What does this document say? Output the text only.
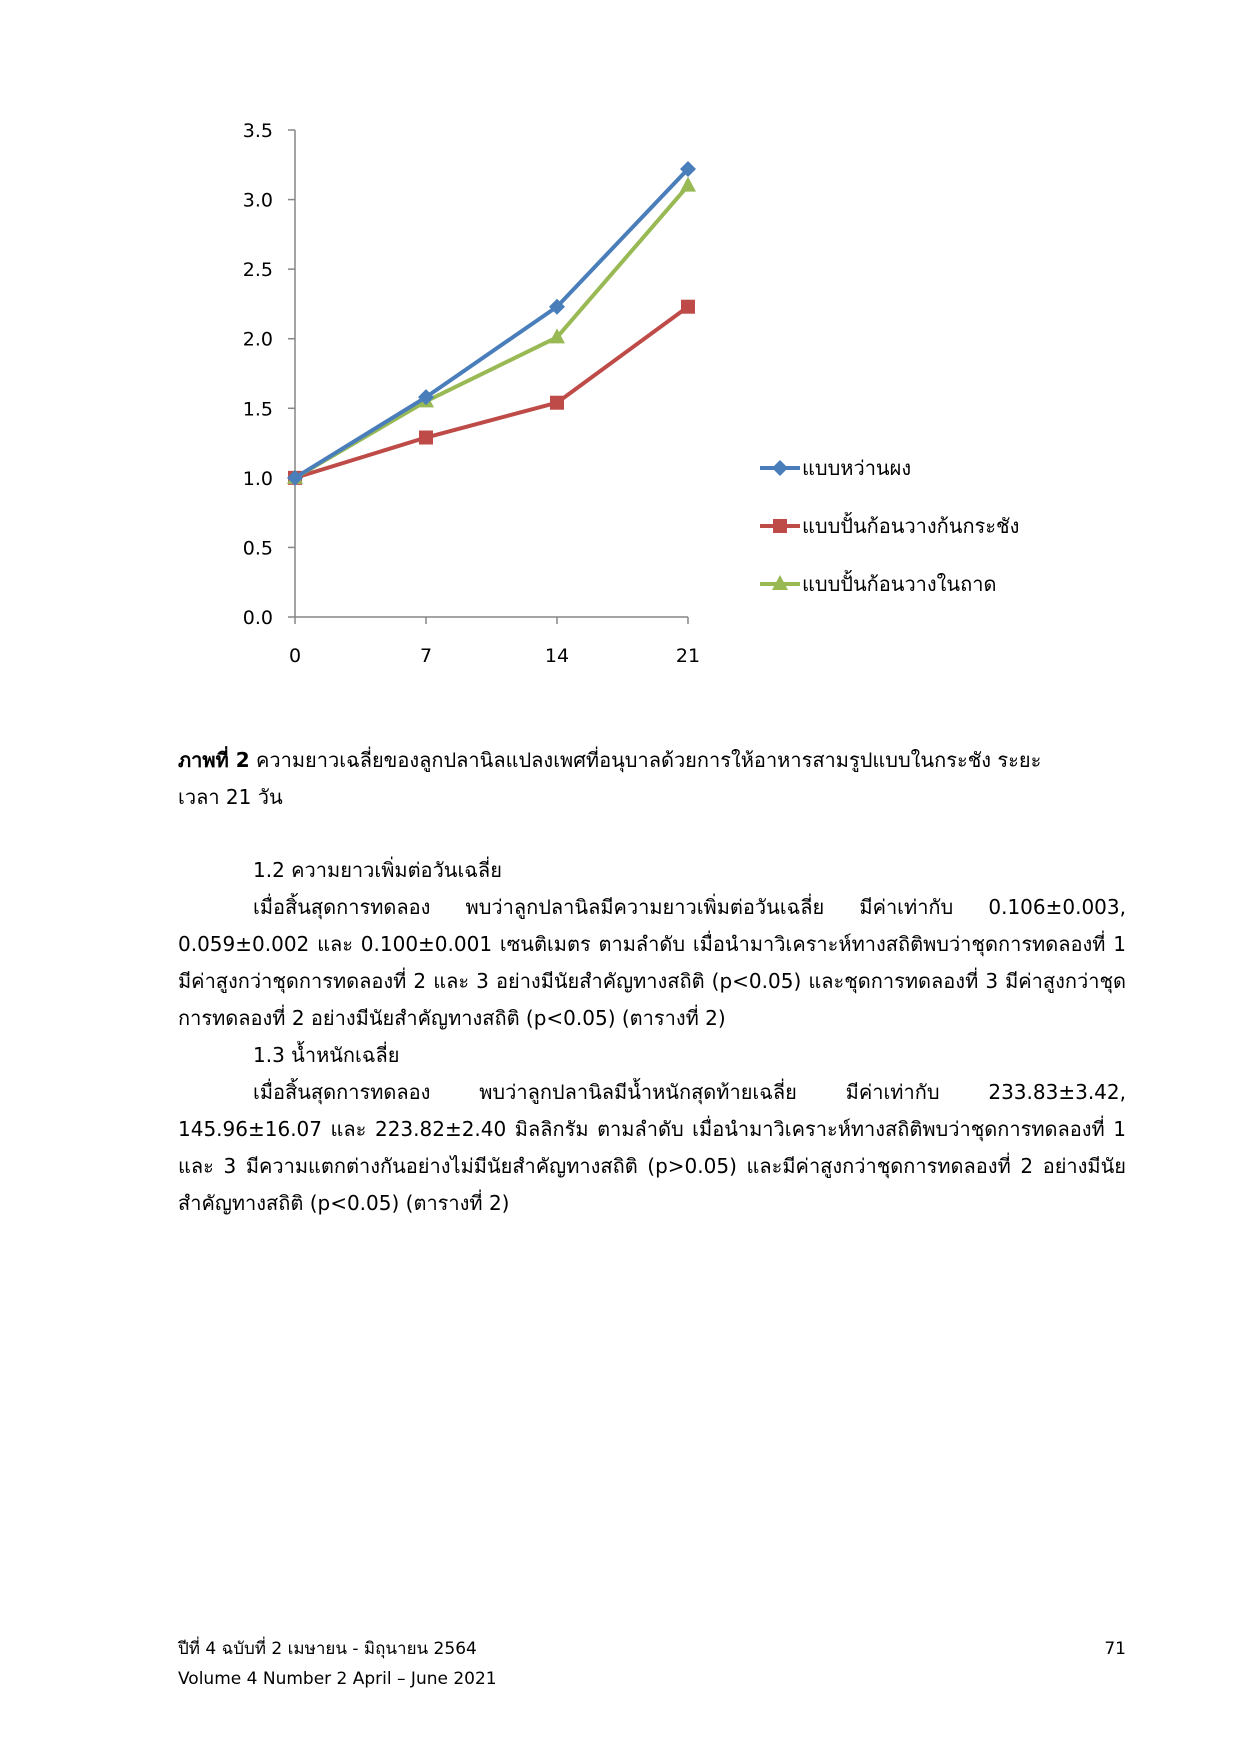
0.0
0.5
1.0
1.5
2.0
2.5
3.0
3.5
0	7	14	21
แบบหว่านผง
แบบปั้นก้อนวางก้นกระชัง
แบบปั้นก้อนวางในถาด
ภาพที่ 2 ความยาวเฉลี่ยของลูกปลานิลแปลงเพศที่อนุบาลด้วยการให้อาหารสามรูปแบบในกระชัง ระยะเวลา 21 วัน
1.2 ความยาวเพิ่มต่อวันเฉลี่ย
เมื่อสิ้นสุดการทดลอง พบว่าลูกปลานิลมีความยาวเพิ่มต่อวันเฉลี่ย มีค่าเท่ากับ 0.106±0.003, 0.059±0.002 และ 0.100±0.001 เซนติเมตร ตามลำดับ เมื่อนำมาวิเคราะห์ทางสถิติพบว่าชุดการทดลองที่ 1 มีค่าสูงกว่าชุดการทดลองที่ 2 และ 3 อย่างมีนัยสำคัญทางสถิติ (p<0.05) และชุดการทดลองที่ 3 มีค่าสูงกว่าชุดการทดลองที่ 2 อย่างมีนัยสำคัญทางสถิติ (p<0.05) (ตารางที่ 2)
1.3 น้ำหนักเฉลี่ย
เมื่อสิ้นสุดการทดลอง พบว่าลูกปลานิลมีน้ำหนักสุดท้ายเฉลี่ย มีค่าเท่ากับ 233.83±3.42, 145.96±16.07 และ 223.82±2.40 มิลลิกรัม ตามลำดับ เมื่อนำมาวิเคราะห์ทางสถิติพบว่าชุดการทดลองที่ 1 และ 3 มีความแตกต่างกันอย่างไม่มีนัยสำคัญทางสถิติ (p>0.05) และมีค่าสูงกว่าชุดการทดลองที่ 2 อย่างมีนัยสำคัญทางสถิติ (p<0.05) (ตารางที่ 2)
ปีที่ 4 ฉบับที่ 2 เมษายน - มิถุนายน 2564
Volume 4 Number 2 April – June 2021
71
